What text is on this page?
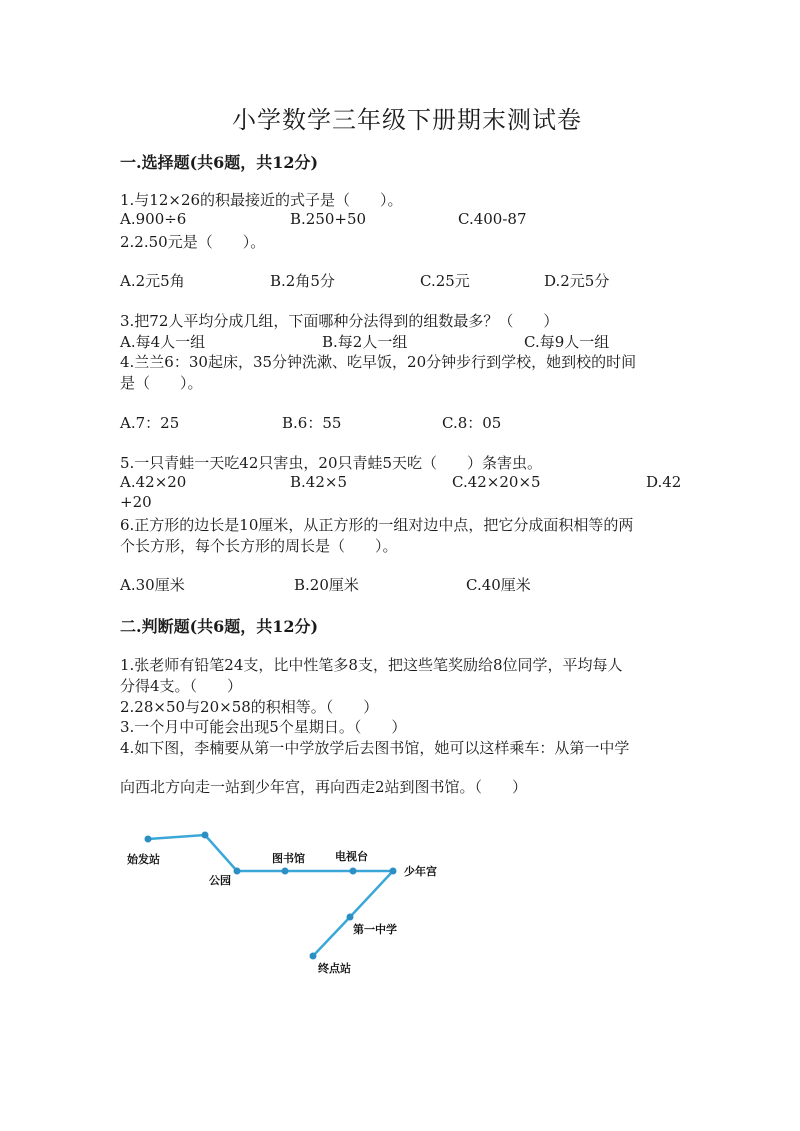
小学数学三年级下册期末测试卷
一.选择题(共6题，共12分)
1.与12×26的积最接近的式子是（　　）。
A.900÷6	B.250+50	C.400-87
2.2.50元是（　　）。
A.2元5角	B.2角5分	C.25元	D.2元5分
3.把72人平均分成几组，下面哪种分法得到的组数最多？（　　）
A.每4人一组	B.每2人一组	C.每9人一组
4.兰兰6：30起床，35分钟洗漱、吃早饭，20分钟步行到学校，她到校的时间
是（　　）。
A.7：25	B.6：55	C.8：05
5.一只青蛙一天吃42只害虫，20只青蛙5天吃（　　）条害虫。
A.42×20	B.42×5	C.42×20×5	D.42
+20
6.正方形的边长是10厘米，从正方形的一组对边中点，把它分成面积相等的两
个长方形，每个长方形的周长是（　　）。
A.30厘米	B.20厘米	C.40厘米
二.判断题(共6题，共12分)
1.张老师有铅笔24支，比中性笔多8支，把这些笔奖励给8位同学，平均每人
分得4支。（　　）
2.28×50与20×58的积相等。（　　）
3.一个月中可能会出现5个星期日。（　　）
4.如下图，李楠要从第一中学放学后去图书馆，她可以这样乘车：从第一中学
向西北方向走一站到少年宫，再向西走2站到图书馆。（　　）
始发站
公园
图书馆	电视台
少年宫
第一中学
终点站
